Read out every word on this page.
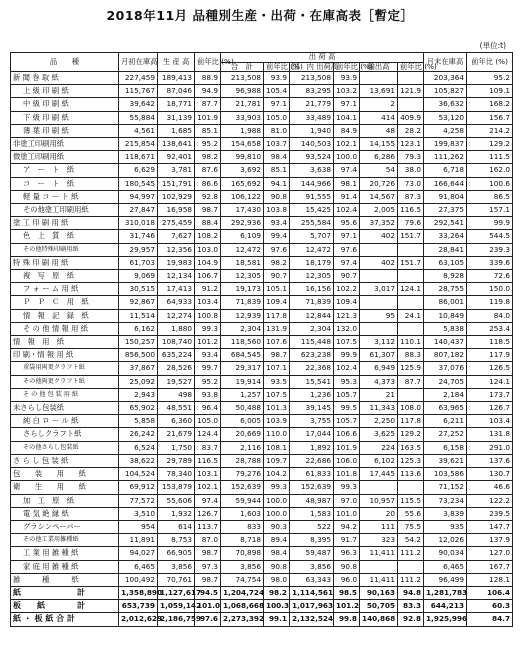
2018年11月 品種別生産・出荷・在庫高表［暫定］
(単位:t)
品　　種	月初在庫高	生 産 高	前年比 (%)	出 荷 高						月末在庫高	前年比 (%)
				合　計	前年比 (%)	国　内 出荷高	前年比 (%)	輸出高	前年比 (%)		

新 聞 巻 取 紙	227,459	189,413	88.9	213,508	93.9	213,508	93.9			203,364	95.2
上 級 印 刷 紙	115,767	87,046	94.9	96,988	105.4	83,295	103.2	13,691	121.9	105,827	109.1
中 級 印 刷 紙	39,642	18,771	87.7	21,781	97.1	21,779	97.1	2		36,632	168.2
下 級 印 刷 紙	55,884	31,139	101.9	33,903	105.0	33,489	104.1	414	409.9	53,120	156.7
薄 葉 印 刷 紙	4,561	1,685	85.1	1,988	81.0	1,940	84.9	48	28.2	4,258	214.2
非塗工印刷用紙	215,854	138,641	95.2	154,658	103.7	140,503	102.1	14,155	123.1	199,837	129.2
微塗工印刷用紙	118,671	92,401	98.2	99,810	98.4	93,524	100.0	6,286	79.3	111,262	111.5
ア　ー　ト　紙	6,629	3,781	87.6	3,692	85.1	3,638	97.4	54	38.0	6,718	162.0
コ　ー　ト　紙	180,545	151,791	86.6	165,692	94.1	144,966	98.1	20,726	73.0	166,644	100.6
軽 量 コ ー ト 紙	94,997	102,929	92.8	106,122	90.8	91,555	91.4	14,567	87.3	91,804	86.5
その他塗工印刷用紙	27,847	16,958	98.7	17,430	103.8	15,425	102.4	2,005	116.5	27,375	157.1
塗 工 印 刷 用 紙	310,018	275,459	88.4	292,936	93.4	255,584	95.6	37,352	79.6	292,541	99.9
色　上　質　紙	31,746	7,627	108.2	6,109	99.4	5,707	97.1	402	151.7	33,264	544.5
その他特殊印刷用紙	29,957	12,356	103.0	12,472	97.6	12,472	97.6			28,841	239.3
特 殊 印 刷 用 紙	61,703	19,983	104.9	18,581	98.2	18,179	97.4	402	151.7	63,105	339.6
複　写　原　紙	9,069	12,134	106.7	12,305	90.7	12,305	90.7			8,928	72.6
フ ォ ー ム 用 紙	30,515	17,413	91.2	19,173	105.1	16,156	102.2	3,017	124.1	28,755	150.0
Ｐ　Ｐ　Ｃ　用　紙	92,867	64,933	103.4	71,839	109.4	71,839	109.4			86,001	119.8
情　報　記　録　紙	11,514	12,274	100.8	12,939	117.8	12,844	121.3	95	24.1	10,849	84.0
そ の 他 情 報 用 紙	6,162	1,880	99.3	2,304	131.9	2,304	132.0			5,838	253.4
情　報　用　紙	150,257	108,740	101.2	118,560	107.6	115,448	107.5	3,112	110.1	140,437	118.5
印 刷・情 報 用 紙	856,500	635,224	93.4	684,545	98.7	623,238	99.9	61,307	88.3	807,182	117.9
重袋用両更クラフト紙	37,867	28,526	99.7	29,317	107.1	22,368	102.4	6,949	125.9	37,076	126.5
その他両更クラフト紙	25,092	19,527	95.2	19,914	93.5	15,541	95.3	4,373	87.7	24,705	124.1
そ の 他 包 装 用 紙	2,943	498	93.8	1,257	107.5	1,236	105.7	21		2,184	173.7
未さらし包装紙	65,902	48,551	96.4	50,488	101.3	39,145	99.5	11,343	108.0	63,965	126.7
純 白 ロ ー ル 紙	5,858	6,360	105.0	6,005	103.9	3,755	105.7	2,250	117.8	6,211	103.4
さらしクラフト紙	26,242	21,679	124.4	20,669	110.0	17,044	106.6	3,625	129.2	27,252	131.8
その他さらし包装紙	6,524	1,750	83.7	2,116	108.1	1,892	101.9	224	163.5	6,158	291.0
さ ら し 包 装 紙	38,622	29,789	116.5	28,788	109.7	22,686	106.0	6,102	125.3	39,621	137.6
包　　装　　用　　紙	104,524	78,340	103.1	79,276	104.2	61,833	101.8	17,445	113.6	103,586	130.7
衛　　生　　用　　紙	69,912	153,879	102.1	152,639	99.3	152,639	99.3			71,152	46.6
加　工　原　紙	77,572	55,606	97.4	59,944	100.0	48,987	97.0	10,957	115.5	73,234	122.2
電 気 絶 縁 紙	3,510	1,932	126.7	1,603	100.0	1,583	101.0	20	55.6	3,839	239.5
グラシンペーパー	954	614	113.7	833	90.3	522	94.2	111	75.5	935	147.7
その他工業用雑種紙	11,891	8,753	87.0	8,718	89.4	8,395	91.7	323	54.2	12,026	137.9
工 業 用 雑 種 紙	94,027	66,905	98.7	70,898	98.4	59,487	96.3	11,411	111.2	90,034	127.0
家 庭 用 雑 種 紙	6,465	3,856	97.3	3,856	90.8	3,856	90.8			6,465	167.7
雑　　　種　　　紙	100,492	70,761	98.7	74,754	98.0	63,343	96.0	11,411	111.2	96,499	128.1
紙　　　　　　　計	1,358,890	1,127,617	94.5	1,204,724	98.2	1,114,561	98.5	90,163	94.8	1,281,783	106.4
板　　紙　　　　計	653,739	1,059,142	101.0	1,068,668	100.3	1,017,963	101.2	50,705	83.3	644,213	60.3
紙 ・ 板 紙 合 計	2,012,629	2,186,759	97.6	2,273,392	99.1	2,132,524	99.8	140,868	92.8	1,925,996	84.7
